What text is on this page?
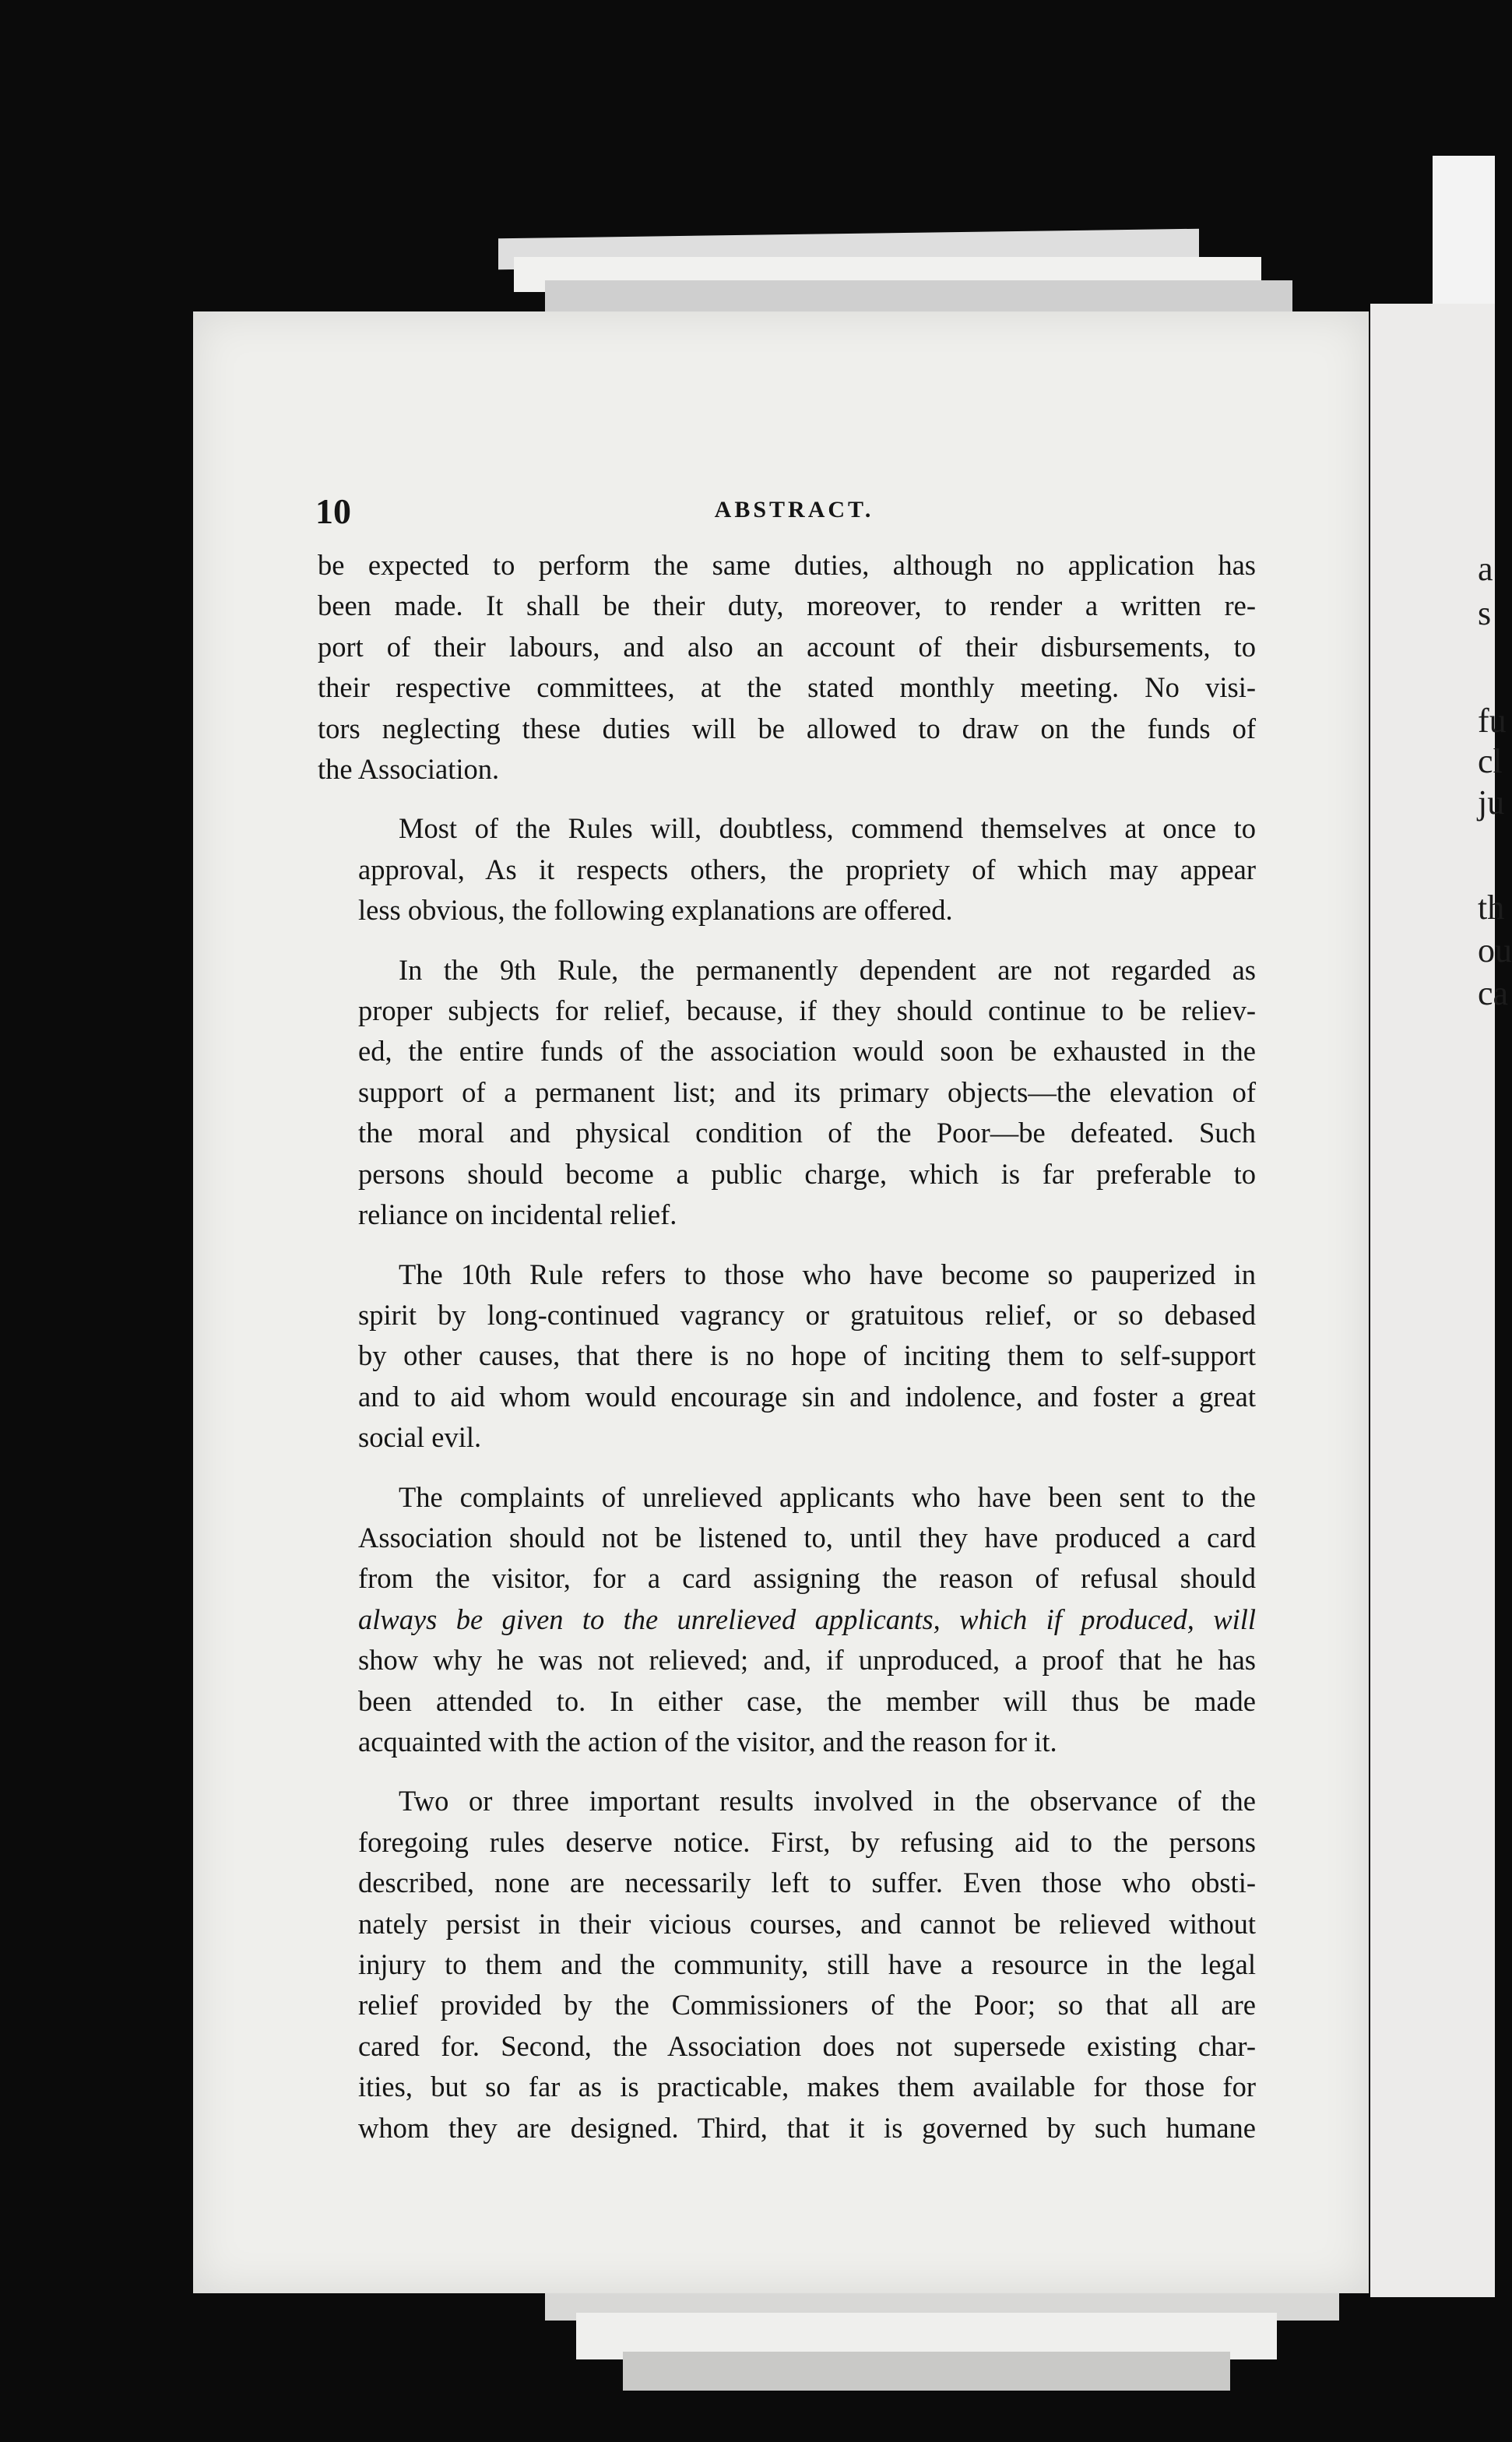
a
s
fu
cl
ju
th
ou
ca
10	ABSTRACT.
be expected to perform the same duties, although no application has
been made. It shall be their duty, moreover, to render a written re-
port of their labours, and also an account of their disbursements, to
their respective committees, at the stated monthly meeting. No visi-
tors neglecting these duties will be allowed to draw on the funds of
the Association.
Most of the Rules will, doubtless, commend themselves at once to
approval, As it respects others, the propriety of which may appear
less obvious, the following explanations are offered.
In the 9th Rule, the permanently dependent are not regarded as
proper subjects for relief, because, if they should continue to be reliev-
ed, the entire funds of the association would soon be exhausted in the
support of a permanent list; and its primary objects—the elevation of
the moral and physical condition of the Poor—be defeated. Such
persons should become a public charge, which is far preferable to
reliance on incidental relief.
The 10th Rule refers to those who have become so pauperized in
spirit by long-continued vagrancy or gratuitous relief, or so debased
by other causes, that there is no hope of inciting them to self-support
and to aid whom would encourage sin and indolence, and foster a great
social evil.
The complaints of unrelieved applicants who have been sent to the
Association should not be listened to, until they have produced a card
from the visitor, for a card assigning the reason of refusal should
always be given to the unrelieved applicants, which if produced, will
show why he was not relieved; and, if unproduced, a proof that he has
been attended to. In either case, the member will thus be made
acquainted with the action of the visitor, and the reason for it.
Two or three important results involved in the observance of the
foregoing rules deserve notice. First, by refusing aid to the persons
described, none are necessarily left to suffer. Even those who obsti-
nately persist in their vicious courses, and cannot be relieved without
injury to them and the community, still have a resource in the legal
relief provided by the Commissioners of the Poor; so that all are
cared for. Second, the Association does not supersede existing char-
ities, but so far as is practicable, makes them available for those for
whom they are designed. Third, that it is governed by such humane
